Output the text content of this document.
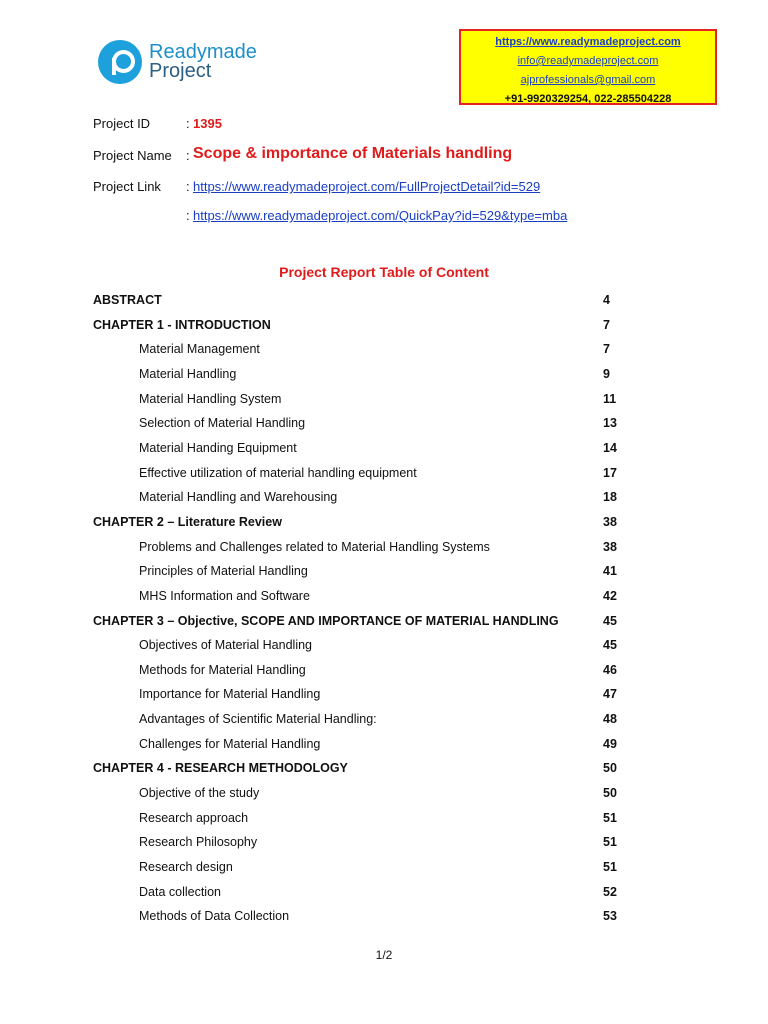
Readymade
Project
https://www.readymadeproject.com
info@readymadeproject.com
ajprofessionals@gmail.com
+91-9920329254, 022-285504228
Project ID	: 1395
Project Name : Scope & importance of Materials handling
Project Link : https://www.readymadeproject.com/FullProjectDetail?id=529
: https://www.readymadeproject.com/QuickPay?id=529&type=mba
Project Report Table of Content
ABSTRACT	4
CHAPTER 1 - INTRODUCTION	7
Material Management	7
Material Handling	9
Material Handling System	11
Selection of Material Handling	13
Material Handing Equipment	14
Effective utilization of material handling equipment	17
Material Handling and Warehousing	18
CHAPTER 2 – Literature Review	38
Problems and Challenges related to Material Handling Systems	38
Principles of Material Handling	41
MHS Information and Software	42
CHAPTER 3 – Objective, SCOPE AND IMPORTANCE OF MATERIAL HANDLING	45
Objectives of Material Handling	45
Methods for Material Handling	46
Importance for Material Handling	47
Advantages of Scientific Material Handling:	48
Challenges for Material Handling	49
CHAPTER 4 - RESEARCH METHODOLOGY	50
Objective of the study	50
Research approach	51
Research Philosophy	51
Research design	51
Data collection	52
Methods of Data Collection	53
1/2
